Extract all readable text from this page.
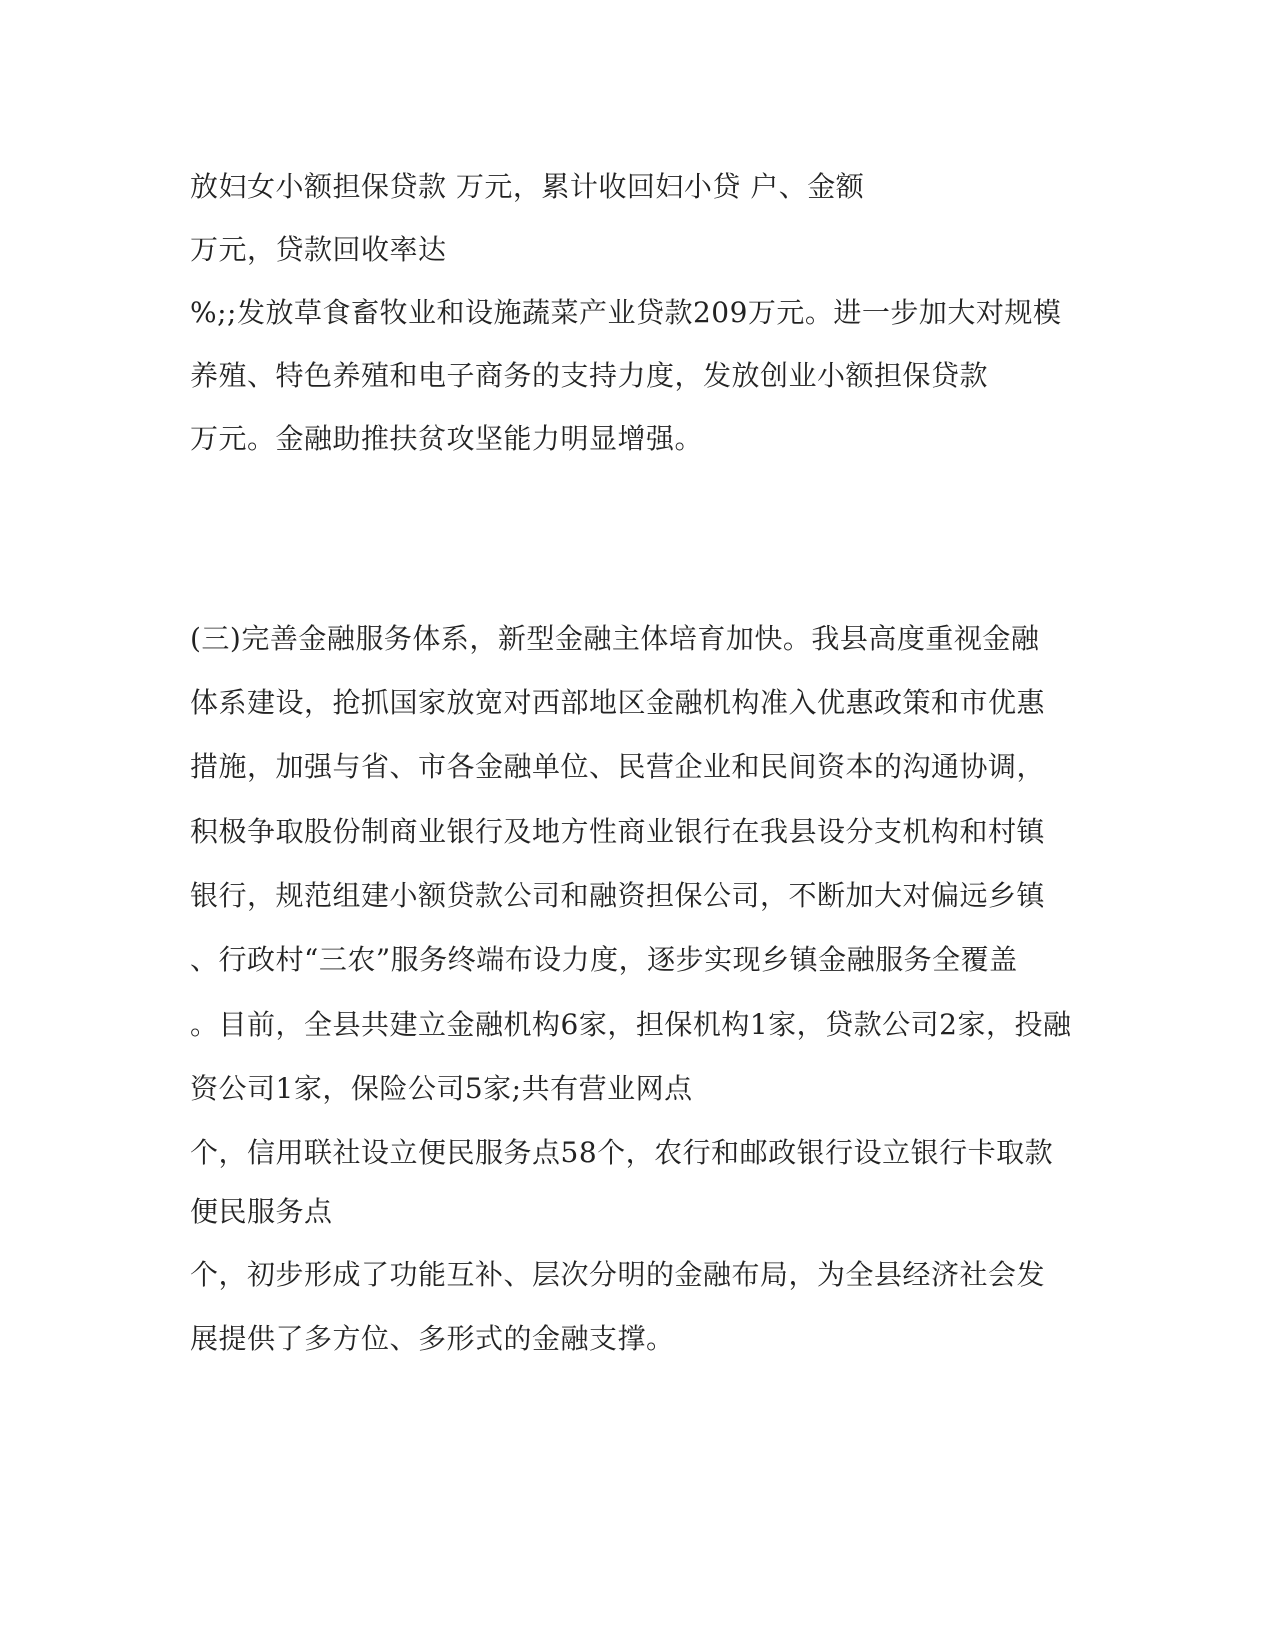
放妇女小额担保贷款 万元，累计收回妇小贷 户、金额
万元，贷款回收率达
%;;发放草食畜牧业和设施蔬菜产业贷款209万元。进一步加大对规模
养殖、特色养殖和电子商务的支持力度，发放创业小额担保贷款
万元。金融助推扶贫攻坚能力明显增强。
(三)完善金融服务体系，新型金融主体培育加快。我县高度重视金融
体系建设，抢抓国家放宽对西部地区金融机构准入优惠政策和市优惠
措施，加强与省、市各金融单位、民营企业和民间资本的沟通协调，
积极争取股份制商业银行及地方性商业银行在我县设分支机构和村镇
银行，规范组建小额贷款公司和融资担保公司，不断加大对偏远乡镇
、行政村“三农”服务终端布设力度，逐步实现乡镇金融服务全覆盖
。目前，全县共建立金融机构6家，担保机构1家，贷款公司2家，投融
资公司1家，保险公司5家;共有营业网点
个，信用联社设立便民服务点58个，农行和邮政银行设立银行卡取款
便民服务点
个，初步形成了功能互补、层次分明的金融布局，为全县经济社会发
展提供了多方位、多形式的金融支撑。
